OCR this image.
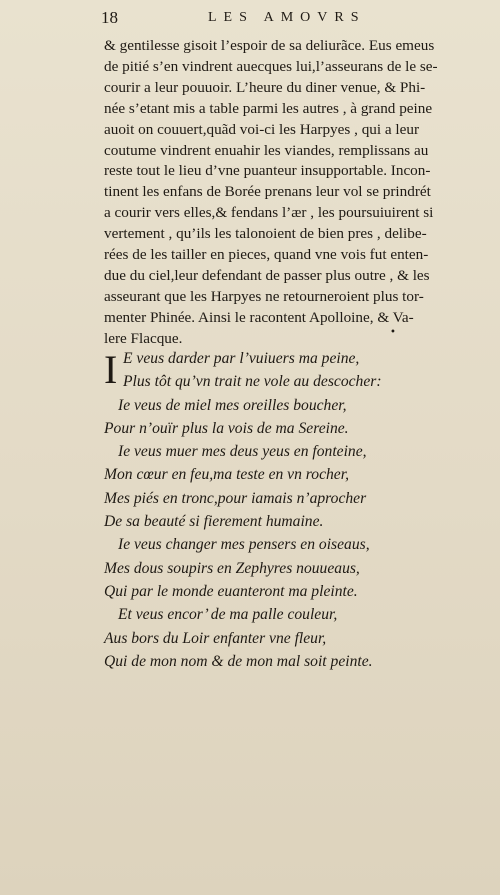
18	LES AMOVRS
& gentilesse gisoit l’espoir de sa deliurãce. Eus emeus
de pitié s’en vindrent auecques lui,l’asseurans de le se-
courir a leur pouuoir. L’heure du diner venue, & Phi-
née s’etant mis a table parmi les autres , à grand peine
auoit on couuert,quãd voi-ci les Harpyes , qui a leur
coutume vindrent enuahir les viandes, remplissans au
reste tout le lieu d’vne puanteur insupportable. Incon-
tinent les enfans de Borée prenans leur vol se prindrét
a courir vers elles,& fendans l’ær , les poursuiuirent si
vertement , qu’ils les talonoient de bien pres , delibe-
rées de les tailler en pieces, quand vne vois fut enten-
due du ciel,leur defendant de passer plus outre , & les
asseurant que les Harpyes ne retourneroient plus tor-
menter Phinée. Ainsi le racontent Apolloine, & Va-
lere Flacque.	•
I E veus darder par l’vuiuers ma peine,
Plus tôt qu’vn trait ne vole au descocher:
Ie veus de miel mes oreilles boucher,
Pour n’ouïr plus la vois de ma Sereine.
Ie veus muer mes deus yeus en fonteine,
Mon cœur en feu,ma teste en vn rocher,
Mes piés en tronc,pour iamais n’aprocher
De sa beauté si fierement humaine.
Ie veus changer mes pensers en oiseaus,
Mes dous soupirs en Zephyres nouueaus,
Qui par le monde euanteront ma pleinte.
Et veus encor’ de ma palle couleur,
Aus bors du Loir enfanter vne fleur,
Qui de mon nom & de mon mal soit peinte.
